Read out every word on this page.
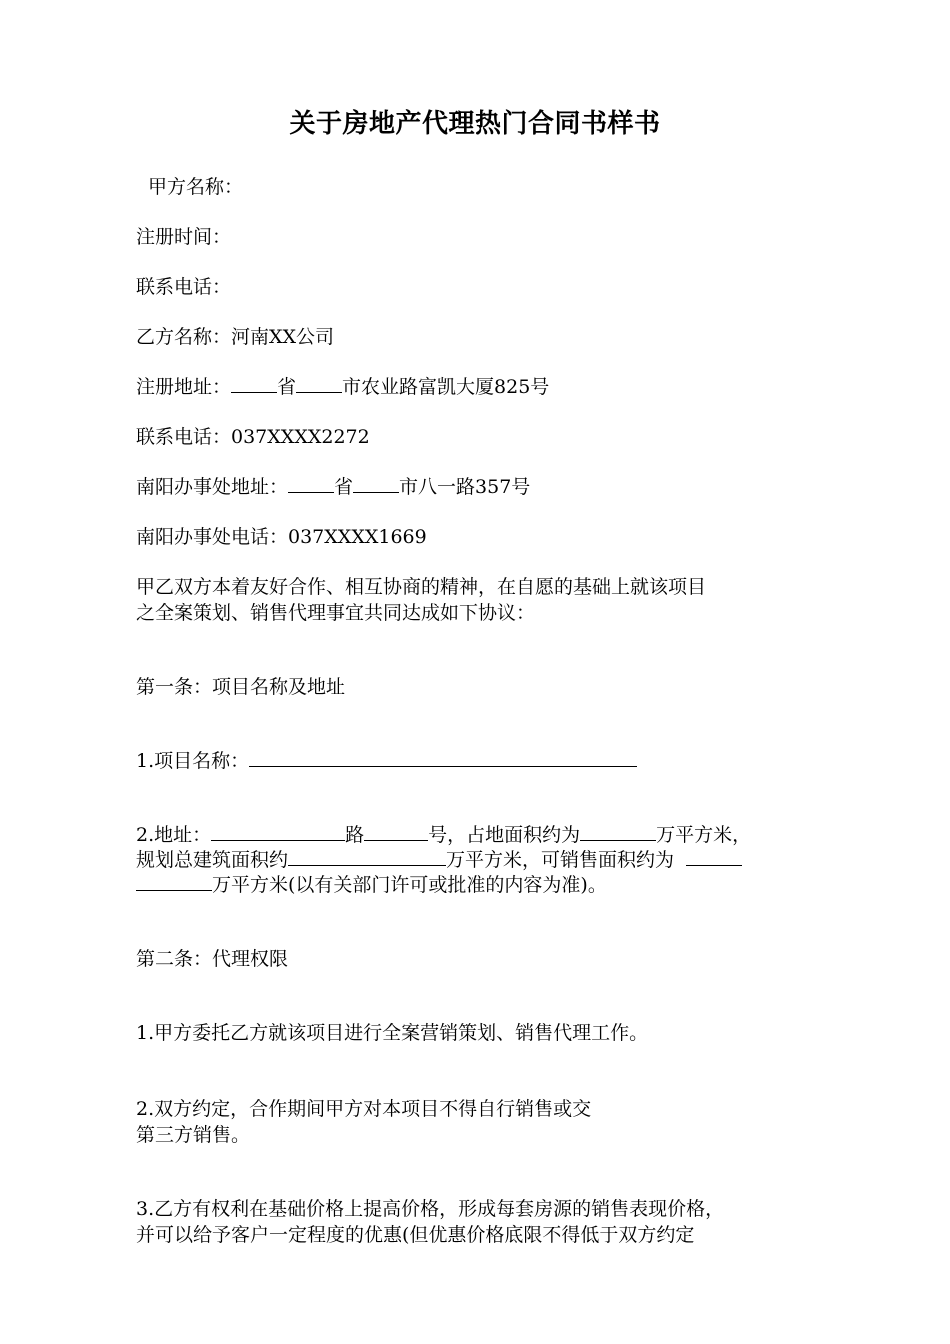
关于房地产代理热门合同书样书
甲方名称：
注册时间：
联系电话：
乙方名称：河南XX公司
注册地址： 省 市农业路富凯大厦825号
联系电话：037XXXX2272
南阳办事处地址： 省 市八一路357号
南阳办事处电话：037XXXX1669
甲乙双方本着友好合作、相互协商的精神，在自愿的基础上就该项目
之全案策划、销售代理事宜共同达成如下协议：
第一条：项目名称及地址
1.项目名称：
2.地址：	路	号，占地面积约为	万平方米，
规划总建筑面积约	万平方米，可销售面积约为
万平方米(以有关部门许可或批准的内容为准)。
第二条：代理权限
1.甲方委托乙方就该项目进行全案营销策划、销售代理工作。
2.双方约定，合作期间甲方对本项目不得自行销售或交
第三方销售。
3.乙方有权利在基础价格上提高价格，形成每套房源的销售表现价格，
并可以给予客户一定程度的优惠(但优惠价格底限不得低于双方约定
